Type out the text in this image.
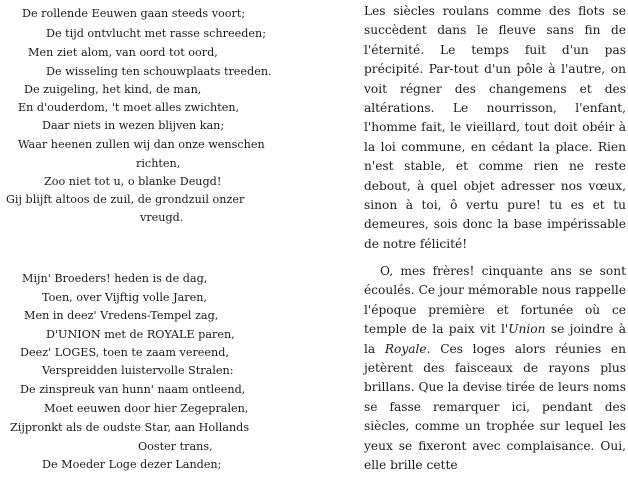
De rollende Eeuwen gaan steeds voort;
De tijd ontvlucht met rasse schreeden;
Men ziet alom, van oord tot oord,
De wisseling ten schouwplaats treeden.
De zuigeling, het kind, de man,
En d'ouderdom, 't moet alles zwichten,
Daar niets in wezen blijven kan;
Waar heenen zullen wij dan onze wenschen
richten,
Zoo niet tot u, o blanke Deugd!
Gij blijft altoos de zuil, de grondzuil onzer
vreugd.
Mijn' Broeders! heden is de dag,
Toen, over Vijftig volle Jaren,
Men in deez' Vredens-Tempel zag,
D'UNION met de ROYALE paren,
Deez' LOGES, toen te zaam vereend,
Verspreidden luistervolle Stralen:
De zinspreuk van hunn' naam ontleend,
Moet eeuwen door hier Zegepralen,
Zijpronkt als de oudste Star, aan Hollands
Ooster trans,
De Moeder Loge dezer Landen;

Les siècles roulans comme des flots se succèdent dans le fleuve sans fin de l'éternité. Le temps fuit d'un pas précipité. Par-tout d'un pôle à l'autre, on voit régner des changemens et des altérations. Le nourrisson, l'enfant, l'homme fait, le vieillard, tout doit obéir à la loi commune, en cédant la place. Rien n'est stable, et comme rien ne reste debout, à quel objet adresser nos vœux, sinon à toi, ô vertu pure! tu es et tu demeures, sois donc la base impérissable de notre félicité!

O, mes frères! cinquante ans se sont écoulés. Ce jour mémorable nous rappelle l'époque première et fortunée où ce temple de la paix vit l'Union se joindre à la Royale. Ces loges alors réunies en jetèrent des faisceaux de rayons plus brillans. Que la devise tirée de leurs noms se fasse remarquer ici, pendant des siècles, comme un trophée sur lequel les yeux se fixeront avec complaisance. Oui, elle brille cette
